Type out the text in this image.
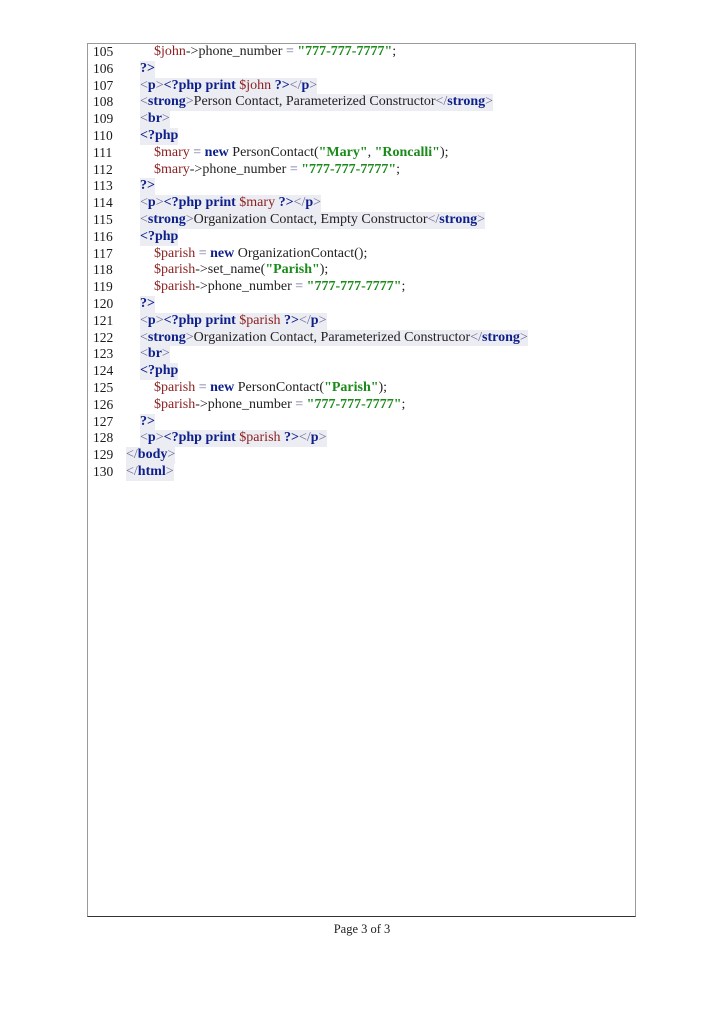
105	$john->phone_number = "777-777-7777";
106	?>
107	<p><?php print $john ?></p>
108	<strong>Person Contact, Parameterized Constructor</strong>
109	<br>
110	<?php
111	$mary = new PersonContact("Mary", "Roncalli");
112	$mary->phone_number = "777-777-7777";
113	?>
114	<p><?php print $mary ?></p>
115	<strong>Organization Contact, Empty Constructor</strong>
116	<?php
117	$parish = new OrganizationContact();
118	$parish->set_name("Parish");
119	$parish->phone_number = "777-777-7777";
120	?>
121	<p><?php print $parish ?></p>
122	<strong>Organization Contact, Parameterized Constructor</strong>
123	<br>
124	<?php
125	$parish = new PersonContact("Parish");
126	$parish->phone_number = "777-777-7777";
127	?>
128	<p><?php print $parish ?></p>
129 </body>
130 </html>
Page 3 of 3
